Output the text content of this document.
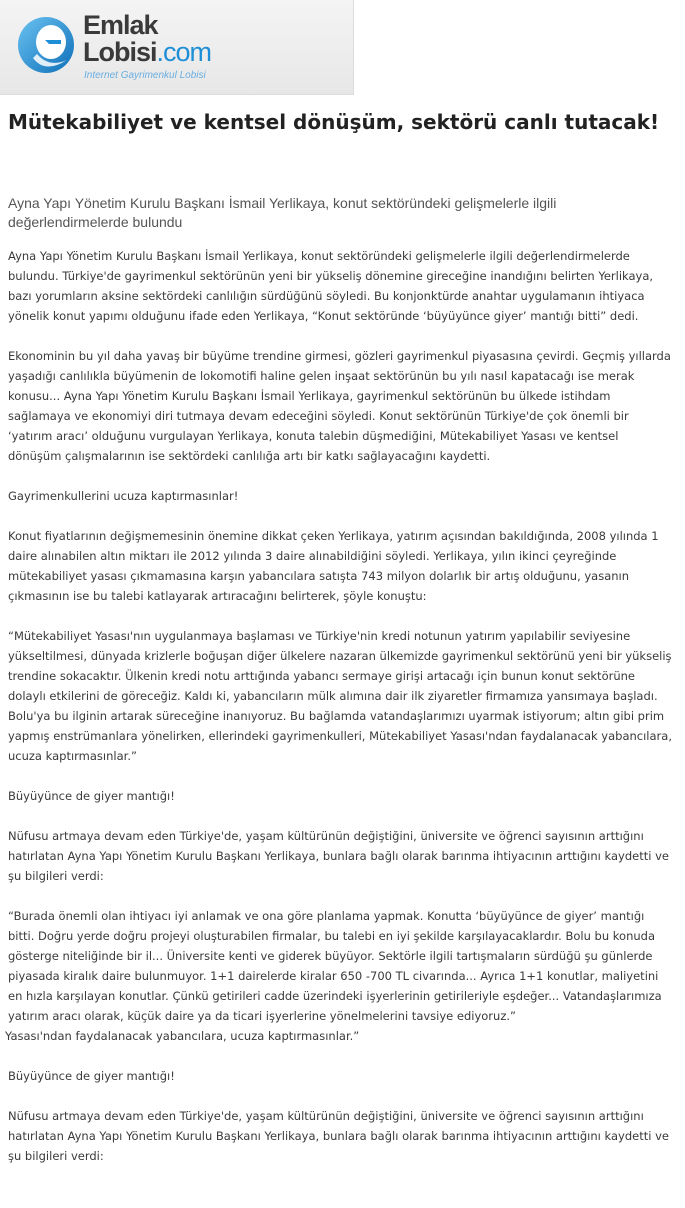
Emlak
Lobisi.com
Internet Gayrimenkul Lobisi
Mütekabiliyet ve kentsel dönüşüm, sektörü canlı tutacak!

Ayna Yapı Yönetim Kurulu Başkanı İsmail Yerlikaya, konut sektöründeki gelişmelerle ilgili değerlendirmelerde bulundu

Ayna Yapı Yönetim Kurulu Başkanı İsmail Yerlikaya, konut sektöründeki gelişmelerle ilgili değerlendirmelerde bulundu. Türkiye'de gayrimenkul sektörünün yeni bir yükseliş dönemine gireceğine inandığını belirten Yerlikaya, bazı yorumların aksine sektördeki canlılığın sürdüğünü söyledi. Bu konjonktürde anahtar uygulamanın ihtiyaca yönelik konut yapımı olduğunu ifade eden Yerlikaya, “Konut sektöründe ‘büyüyünce giyer’ mantığı bitti” dedi.

Ekonominin bu yıl daha yavaş bir büyüme trendine girmesi, gözleri gayrimenkul piyasasına çevirdi. Geçmiş yıllarda yaşadığı canlılıkla büyümenin de lokomotifi haline gelen inşaat sektörünün bu yılı nasıl kapatacağı ise merak konusu... Ayna Yapı Yönetim Kurulu Başkanı İsmail Yerlikaya, gayrimenkul sektörünün bu ülkede istihdam sağlamaya ve ekonomiyi diri tutmaya devam edeceğini söyledi. Konut sektörünün Türkiye'de çok önemli bir ‘yatırım aracı’ olduğunu vurgulayan Yerlikaya, konuta talebin düşmediğini, Mütekabiliyet Yasası ve kentsel dönüşüm çalışmalarının ise sektördeki canlılığa artı bir katkı sağlayacağını kaydetti.

Gayrimenkullerini ucuza kaptırmasınlar!

Konut fiyatlarının değişmemesinin önemine dikkat çeken Yerlikaya, yatırım açısından bakıldığında, 2008 yılında 1 daire alınabilen altın miktarı ile 2012 yılında 3 daire alınabildiğini söyledi. Yerlikaya, yılın ikinci çeyreğinde mütekabiliyet yasası çıkmamasına karşın yabancılara satışta 743 milyon dolarlık bir artış olduğunu, yasanın çıkmasının ise bu talebi katlayarak artıracağını belirterek, şöyle konuştu:

“Mütekabiliyet Yasası'nın uygulanmaya başlaması ve Türkiye'nin kredi notunun yatırım yapılabilir seviyesine yükseltilmesi, dünyada krizlerle boğuşan diğer ülkelere nazaran ülkemizde gayrimenkul sektörünü yeni bir yükseliş trendine sokacaktır. Ülkenin kredi notu arttığında yabancı sermaye girişi artacağı için bunun konut sektörüne dolaylı etkilerini de göreceğiz. Kaldı ki, yabancıların mülk alımına dair ilk ziyaretler firmamıza yansımaya başladı. Bolu'ya bu ilginin artarak süreceğine inanıyoruz. Bu bağlamda vatandaşlarımızı uyarmak istiyorum; altın gibi prim yapmış enstrümanlara yönelirken, ellerindeki gayrimenkulleri, Mütekabiliyet Yasası'ndan faydalanacak yabancılara, ucuza kaptırmasınlar.”

Büyüyünce de giyer mantığı!

Nüfusu artmaya devam eden Türkiye'de, yaşam kültürünün değiştiğini, üniversite ve öğrenci sayısının arttığını hatırlatan Ayna Yapı Yönetim Kurulu Başkanı Yerlikaya, bunlara bağlı olarak barınma ihtiyacının arttığını kaydetti ve şu bilgileri verdi:

“Burada önemli olan ihtiyacı iyi anlamak ve ona göre planlama yapmak. Konutta ‘büyüyünce de giyer’ mantığı bitti. Doğru yerde doğru projeyi oluşturabilen firmalar, bu talebi en iyi şekilde karşılayacaklardır. Bolu bu konuda gösterge niteliğinde bir il... Üniversite kenti ve giderek büyüyor. Sektörle ilgili tartışmaların sürdüğü şu günlerde piyasada kiralık daire bulunmuyor. 1+1 dairelerde kiralar 650 -700 TL civarında... Ayrıca 1+1 konutlar, maliyetini en hızla karşılayan konutlar. Çünkü getirileri cadde üzerindeki işyerlerinin getirileriyle eşdeğer... Vatandaşlarımıza yatırım aracı olarak, küçük daire ya da ticari işyerlerine yönelmelerini tavsiye ediyoruz.”

Yasası'ndan faydalanacak yabancılara, ucuza kaptırmasınlar.”

Büyüyünce de giyer mantığı!

Nüfusu artmaya devam eden Türkiye'de, yaşam kültürünün değiştiğini, üniversite ve öğrenci sayısının arttığını hatırlatan Ayna Yapı Yönetim Kurulu Başkanı Yerlikaya, bunlara bağlı olarak barınma ihtiyacının arttığını kaydetti ve şu bilgileri verdi:
